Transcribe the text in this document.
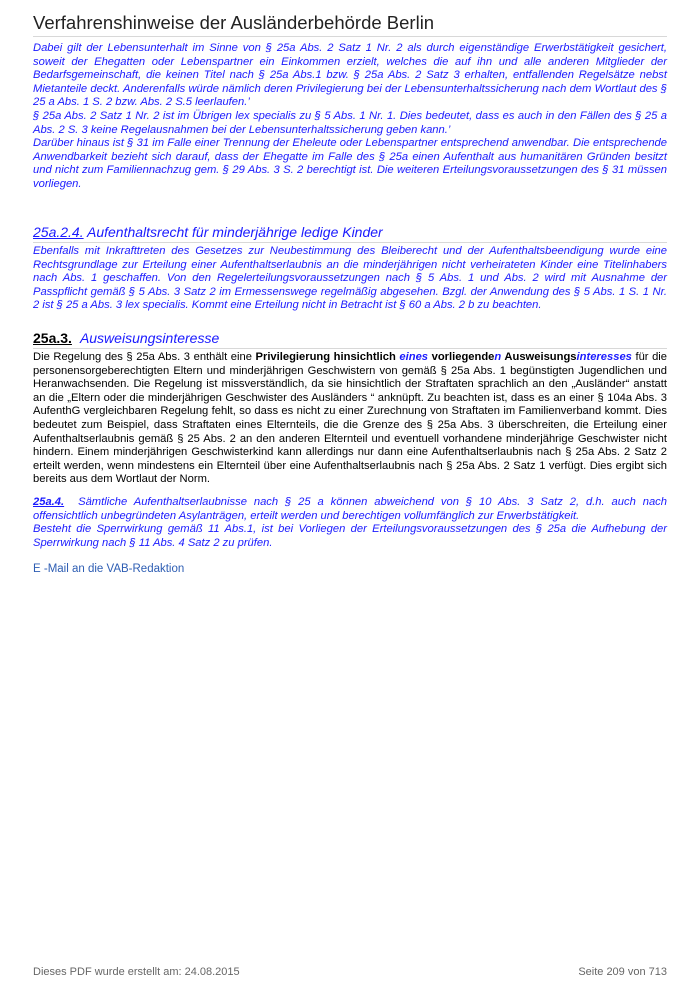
Verfahrenshinweise der Ausländerbehörde Berlin

Dabei gilt der Lebensunterhalt im Sinne von § 25a Abs. 2 Satz 1 Nr. 2 als durch eigenständige Erwerbstätigkeit gesichert, soweit der Ehegatten oder Lebenspartner ein Einkommen erzielt, welches die auf ihn und alle anderen Mitglieder der Bedarfsgemeinschaft, die keinen Titel nach § 25a Abs.1 bzw. § 25a Abs. 2 Satz 3 erhalten, entfallenden Regelsätze nebst Mietanteile deckt. Anderenfalls würde nämlich deren Privilegierung bei der Lebensunterhaltssicherung nach dem Wortlaut des § 25 a Abs. 1 S. 2 bzw. Abs. 2 S.5 leerlaufen.’

§ 25a Abs. 2 Satz 1 Nr. 2 ist im Übrigen lex specialis zu § 5 Abs. 1 Nr. 1. Dies bedeutet, dass es auch in den Fällen des § 25 a Abs. 2 S. 3 keine Regelausnahmen bei der Lebensunterhaltssicherung geben kann.’

Darüber hinaus ist § 31 im Falle einer Trennung der Eheleute oder Lebenspartner entsprechend anwendbar. Die entsprechende Anwendbarkeit bezieht sich darauf, dass der Ehegatte im Falle des § 25a einen Aufenthalt aus humanitären Gründen besitzt und nicht zum Familiennachzug gem. § 29 Abs. 3 S. 2 berechtigt ist. Die weiteren Erteilungsvoraussetzungen des § 31 müssen vorliegen.

25a.2.4. Aufenthaltsrecht für minderjährige ledige Kinder

Ebenfalls mit Inkrafttreten des Gesetzes zur Neubestimmung des Bleiberecht und der Aufenthaltsbeendigung wurde eine Rechtsgrundlage zur Erteilung einer Aufenthaltserlaubnis an die minderjährigen nicht verheirateten Kinder eine Titelinhabers nach Abs. 1 geschaffen. Von den Regelerteilungsvoraussetzungen nach § 5 Abs. 1 und Abs. 2 wird mit Ausnahme der Passpflicht gemäß § 5 Abs. 3 Satz 2 im Ermessenswege regelmäßig abgesehen. Bzgl. der Anwendung des § 5 Abs. 1 S. 1 Nr. 2 ist § 25 a Abs. 3 lex specialis. Kommt eine Erteilung nicht in Betracht ist § 60 a Abs. 2 b zu beachten.

25a.3. Ausweisungsinteresse

Die Regelung des § 25a Abs. 3 enthält eine Privilegierung hinsichtlich eines vorliegenden Ausweisungsinteresses für die personensorgeberechtigten Eltern und minderjährigen Geschwistern von gemäß § 25a Abs. 1 begünstigten Jugendlichen und Heranwachsenden. Die Regelung ist missverständlich, da sie hinsichtlich der Straftaten sprachlich an den „Ausländer“ anstatt an die „Eltern oder die minderjährigen Geschwister des Ausländers “ anknüpft. Zu beachten ist, dass es an einer § 104a Abs. 3 AufenthG vergleichbaren Regelung fehlt, so dass es nicht zu einer Zurechnung von Straftaten im Familienverband kommt. Dies bedeutet zum Beispiel, dass Straftaten eines Elternteils, die die Grenze des § 25a Abs. 3 überschreiten, die Erteilung einer Aufenthaltserlaubnis gemäß § 25 Abs. 2 an den anderen Elternteil und eventuell vorhandene minderjährige Geschwister nicht hindern. Einem minderjährigen Geschwisterkind kann allerdings nur dann eine Aufenthaltserlaubnis nach § 25a Abs. 2 Satz 2 erteilt werden, wenn mindestens ein Elternteil über eine Aufenthaltserlaubnis nach § 25a Abs. 2 Satz 1 verfügt. Dies ergibt sich bereits aus dem Wortlaut der Norm.

25a.4. Sämtliche Aufenthaltserlaubnisse nach § 25 a können abweichend von § 10 Abs. 3 Satz 2, d.h. auch nach offensichtlich unbegründeten Asylanträgen, erteilt werden und berechtigen vollumfänglich zur Erwerbstätigkeit.

Besteht die Sperrwirkung gemäß 11 Abs.1, ist bei Vorliegen der Erteilungsvoraussetzungen des § 25a die Aufhebung der Sperrwirkung nach § 11 Abs. 4 Satz 2 zu prüfen.

E -Mail an die VAB-Redaktion
Dieses PDF wurde erstellt am: 24.08.2015	Seite 209 von 713
